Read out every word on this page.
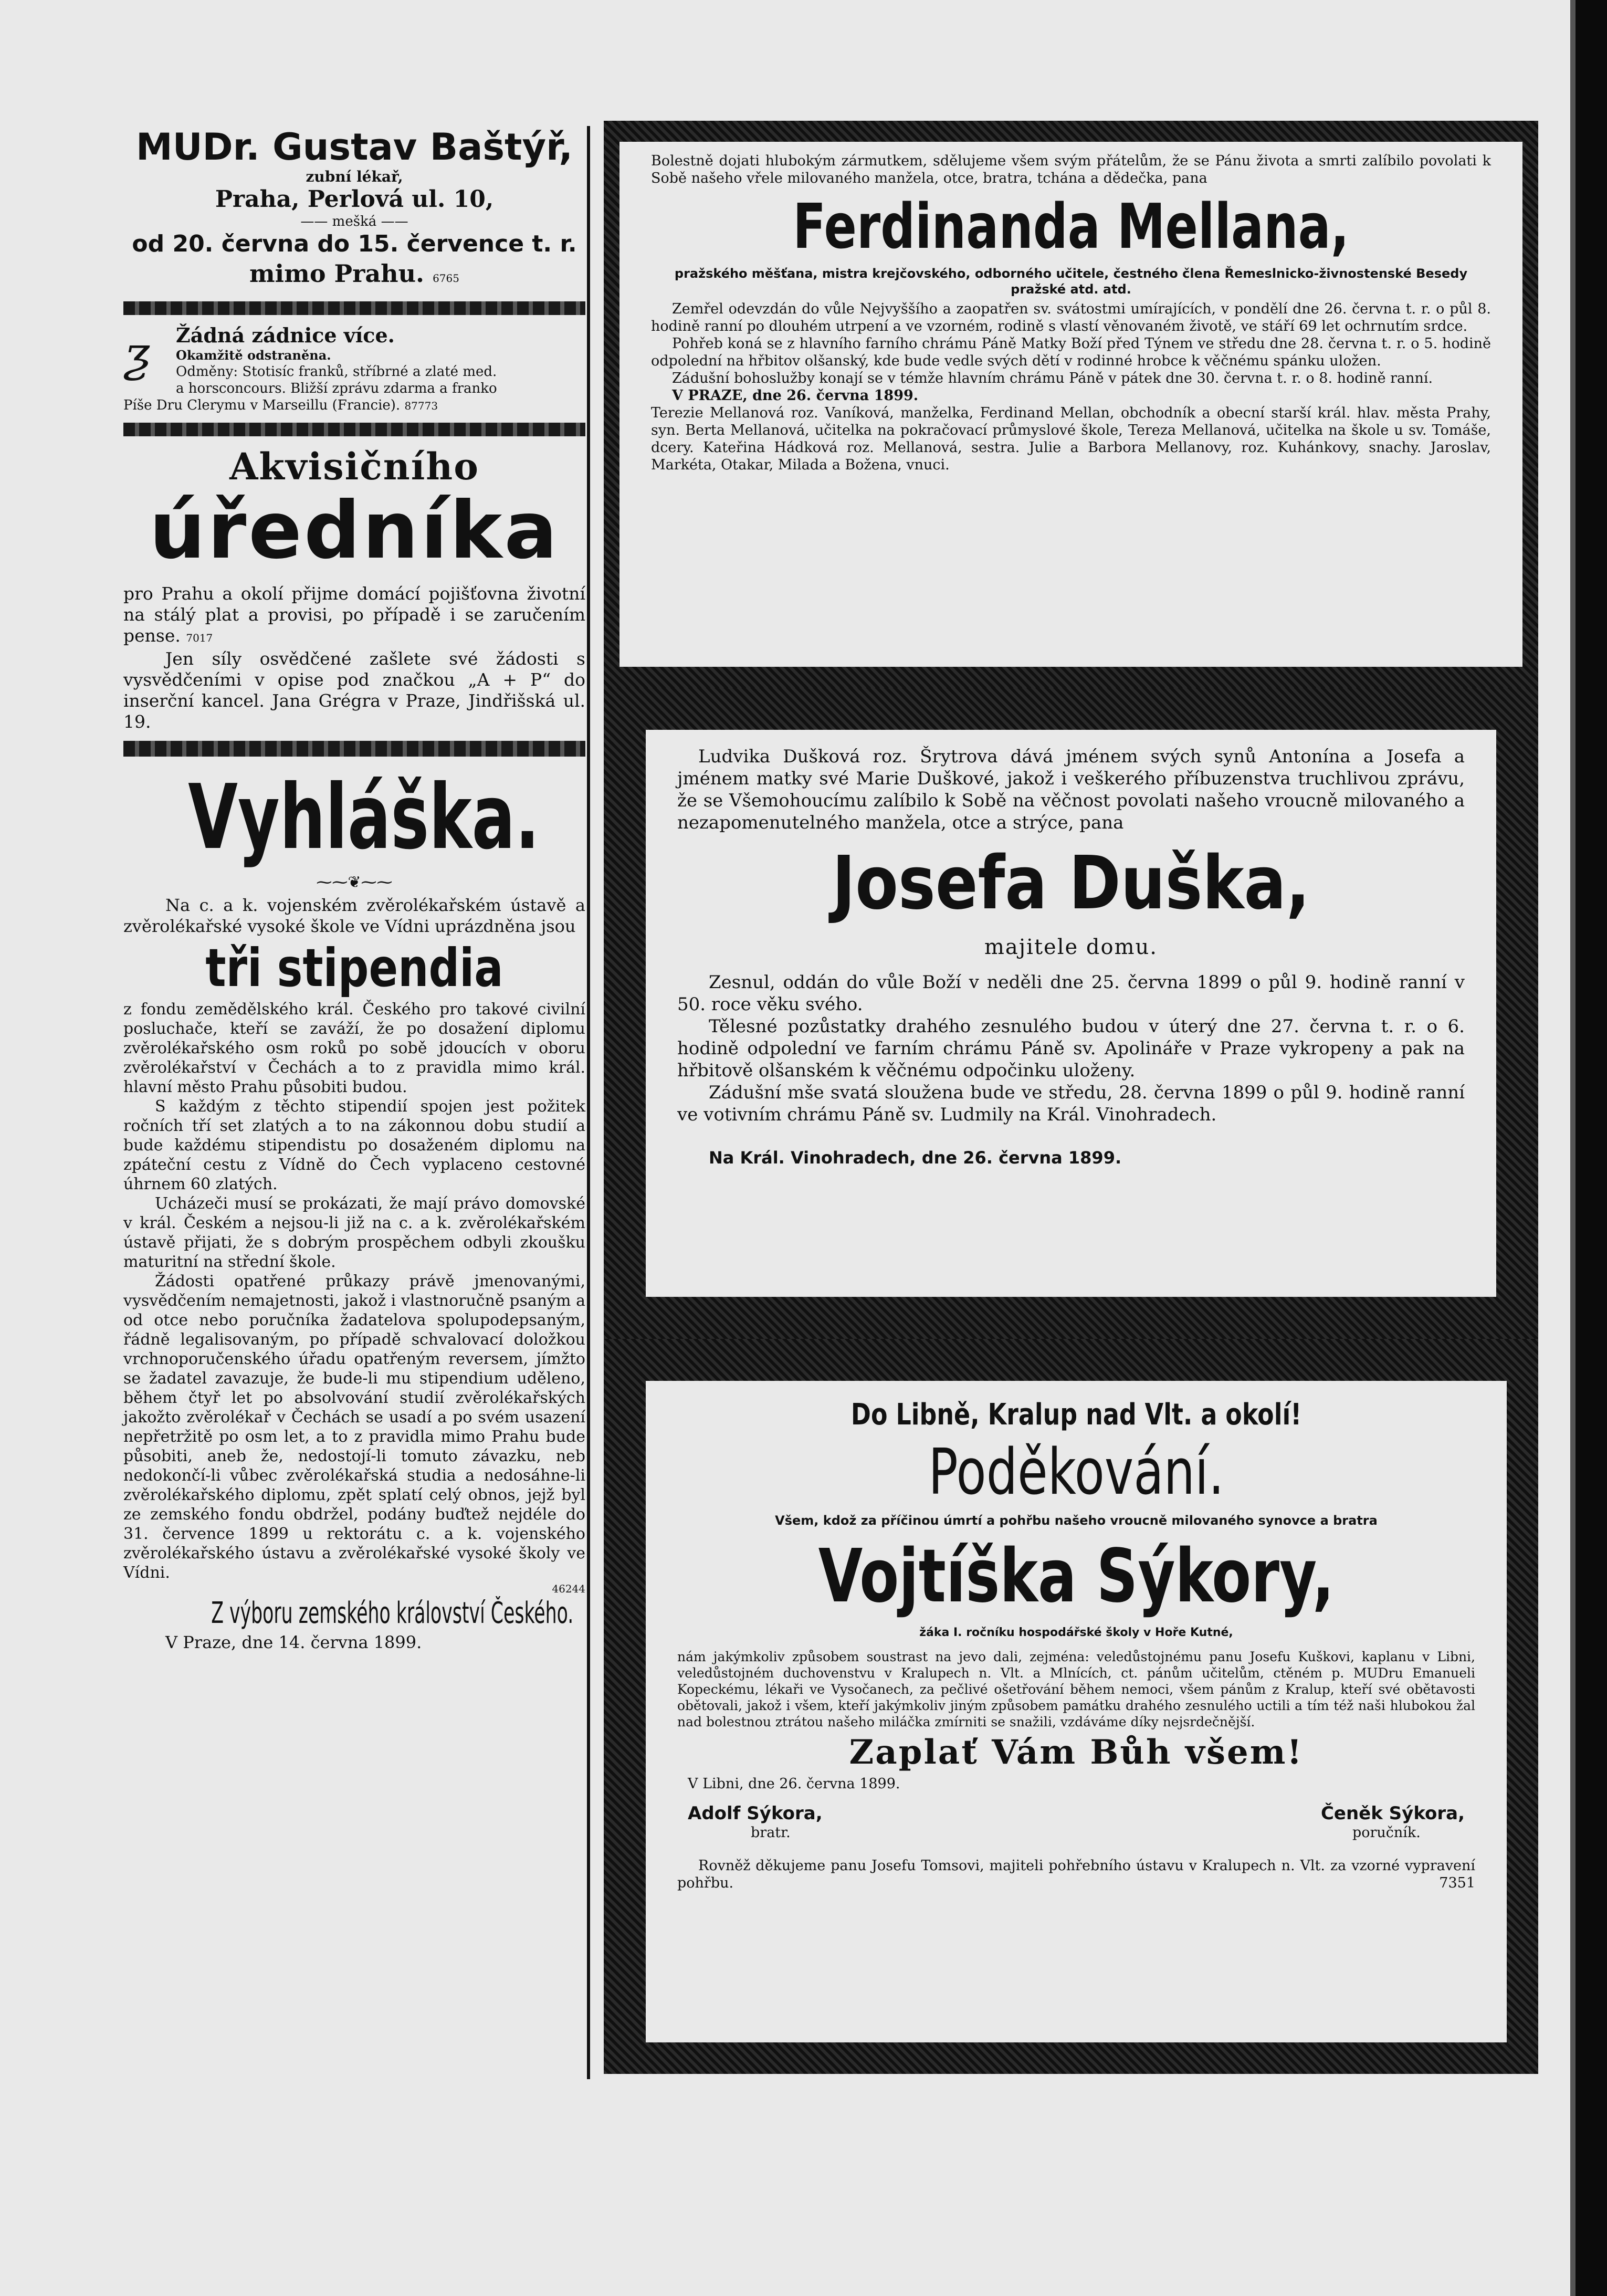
MUDr. Gustav Baštýř,

zubní lékař,

Praha, Perlová ul. 10,

—— mešká ——

od 20. června do 15. července t. r.

mimo Prahu. 6765

ƺ	Žádná zádnice více.

Okamžitě odstraněna.

Odměny: Stotisíc franků, stříbrné a zlaté med.

a horsconcours. Bližší zprávu zdarma a franko

Píše Dru Clerymu v Marseillu (Francie). 87773

Akvisičního

úředníka

pro Prahu a okolí přijme domácí pojišťovna životní na stálý plat a provisi, po případě i se zaručením pense. 7017

Jen síly osvědčené zašlete své žádosti s vysvědčeními v opise pod značkou „A + P“ do inserční kancel. Jana Grégra v Praze, Jindřišská ul. 19.

Vyhláška.

⁓⁓❦⁓⁓

Na c. a k. vojenském zvěrolékařském ústavě a zvěrolékařské vysoké škole ve Vídni uprázdněna jsou

tři stipendia

z fondu zemědělského král. Českého pro takové civilní posluchače, kteří se zaváží, že po dosažení diplomu zvěrolékařského osm roků po sobě jdoucích v oboru zvěrolékařství v Čechách a to z pravidla mimo král. hlavní město Prahu působiti budou.

S každým z těchto stipendií spojen jest požitek ročních tří set zlatých a to na zákonnou dobu studií a bude každému stipendistu po dosaženém diplomu na zpáteční cestu z Vídně do Čech vyplaceno cestovné úhrnem 60 zlatých.

Ucházeči musí se prokázati, že mají právo domovské v král. Českém a nejsou-li již na c. a k. zvěrolékařském ústavě přijati, že s dobrým prospěchem odbyli zkoušku maturitní na střední škole.

Žádosti opatřené průkazy právě jmenovanými, vysvědčením nemajetnosti, jakož i vlastnoručně psaným a od otce nebo poručníka žadatelova spolupodepsaným, řádně legalisovaným, po případě schvalovací doložkou vrchnoporučenského úřadu opatřeným reversem, jímžto se žadatel zavazuje, že bude-li mu stipendium uděleno, během čtyř let po absolvování studií zvěrolékařských jakožto zvěrolékař v Čechách se usadí a po svém usazení nepřetržitě po osm let, a to z pravidla mimo Prahu bude působiti, aneb že, nedostojí-li tomuto závazku, neb nedokončí-li vůbec zvěrolékařská studia a nedosáhne-li zvěrolékařského diplomu, zpět splatí celý obnos, jejž byl ze zemského fondu obdržel, podány buďtež nejdéle do 31. července 1899 u rektorátu c. a k. vojenského zvěrolékařského ústavu a zvěrolékařské vysoké školy ve Vídni.

46244

Z výboru zemského království Českého.

V Praze, dne 14. června 1899.

Bolestně dojati hlubokým zármutkem, sdělujeme všem svým přátelům, že se Pánu života a smrti zalíbilo povolati k Sobě našeho vřele milovaného manžela, otce, bratra, tchána a dědečka, pana

Ferdinanda Mellana,

pražského měšťana, mistra krejčovského, odborného učitele, čestného člena Řemeslnicko-živnostenské Besedy pražské atd. atd.

Zemřel odevzdán do vůle Nejvyššího a zaopatřen sv. svátostmi umírajících, v pondělí dne 26. června t. r. o půl 8. hodině ranní po dlouhém utrpení a ve vzorném, rodině s vlastí věnovaném životě, ve stáří 69 let ochrnutím srdce.

Pohřeb koná se z hlavního farního chrámu Páně Matky Boží před Týnem ve středu dne 28. června t. r. o 5. hodině odpolední na hřbitov olšanský, kde bude vedle svých dětí v rodinné hrobce k věčnému spánku uložen.

Zádušní bohoslužby konají se v témže hlavním chrámu Páně v pátek dne 30. června t. r. o 8. hodině ranní.

V PRAZE, dne 26. června 1899.

Terezie Mellanová roz. Vaníková, manželka, Ferdinand Mellan, obchodník a obecní starší král. hlav. města Prahy, syn. Berta Mellanová, učitelka na pokračovací průmyslové škole, Tereza Mellanová, učitelka na škole u sv. Tomáše, dcery. Kateřina Hádková roz. Mellanová, sestra. Julie a Barbora Mellanovy, roz. Kuhánkovy, snachy. Jaroslav, Markéta, Otakar, Milada a Božena, vnuci.

Ludvika Dušková roz. Šrytrova dává jménem svých synů Antonína a Josefa a jménem matky své Marie Duškové, jakož i veškerého příbuzenstva truchlivou zprávu, že se Všemohoucímu zalíbilo k Sobě na věčnost povolati našeho vroucně milovaného a nezapomenutelného manžela, otce a strýce, pana

Josefa Duška,

majitele domu.

Zesnul, oddán do vůle Boží v neděli dne 25. června 1899 o půl 9. hodině ranní v 50. roce věku svého.

Tělesné pozůstatky drahého zesnulého budou v úterý dne 27. června t. r. o 6. hodině odpolední ve farním chrámu Páně sv. Apolináře v Praze vykropeny a pak na hřbitově olšanském k věčnému odpočinku uloženy.

Zádušní mše svatá sloužena bude ve středu, 28. června 1899 o půl 9. hodině ranní ve votivním chrámu Páně sv. Ludmily na Král. Vinohradech.

Na Král. Vinohradech, dne 26. června 1899.

Do Libně, Kralup nad Vlt. a okolí!

Poděkování.

Všem, kdož za příčinou úmrtí a pohřbu našeho vroucně milovaného synovce a bratra

Vojtíška Sýkory,

žáka I. ročníku hospodářské školy v Hoře Kutné,

nám jakýmkoliv způsobem soustrast na jevo dali, zejména: veledůstojnému panu Josefu Kuškovi, kaplanu v Libni, veledůstojném duchovenstvu v Kralupech n. Vlt. a Mlnících, ct. pánům učitelům, ctěném p. MUDru Emanueli Kopeckému, lékaři ve Vysočanech, za pečlivé ošetřování během nemoci, všem pánům z Kralup, kteří své obětavosti obětovali, jakož i všem, kteří jakýmkoliv jiným způsobem památku drahého zesnulého uctili a tím též naši hlubokou žal nad bolestnou ztrátou našeho miláčka zmírniti se snažili, vzdáváme díky nejsrdečnější.

Zaplať Vám Bůh všem!

V Libni, dne 26. června 1899.

Adolf Sýkora,

bratr.

Čeněk Sýkora,

poručník.

Rovněž děkujeme panu Josefu Tomsovi, majiteli pohřebního ústavu v Kralupech n. Vlt. za vzorné vypravení pohřbu.	7351
